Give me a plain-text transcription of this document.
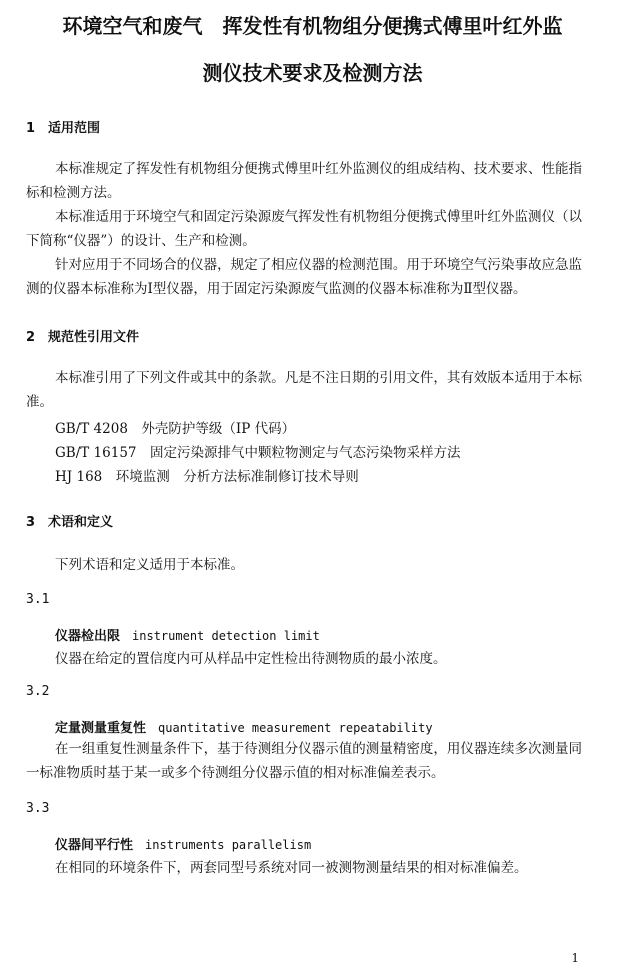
环境空气和废气　挥发性有机物组分便携式傅里叶红外监
测仪技术要求及检测方法
1　适用范围

本标准规定了挥发性有机物组分便携式傅里叶红外监测仪的组成结构、技术要求、性能指标和检测方法。

本标准适用于环境空气和固定污染源废气挥发性有机物组分便携式傅里叶红外监测仪（以下简称“仪器”）的设计、生产和检测。

针对应用于不同场合的仪器，规定了相应仪器的检测范围。用于环境空气污染事故应急监测的仪器本标准称为Ⅰ型仪器，用于固定污染源废气监测的仪器本标准称为Ⅱ型仪器。

2　规范性引用文件

本标准引用了下列文件或其中的条款。凡是不注日期的引用文件，其有效版本适用于本标准。

GB/T 4208　外壳防护等级（IP 代码）
GB/T 16157　固定污染源排气中颗粒物测定与气态污染物采样方法
HJ 168　环境监测　分析方法标准制修订技术导则
3　术语和定义
下列术语和定义适用于本标准。
3.1
仪器检出限 instrument detection limit
仪器在给定的置信度内可从样品中定性检出待测物质的最小浓度。
3.2
定量测量重复性 quantitative measurement repeatability

在一组重复性测量条件下，基于待测组分仪器示值的测量精密度，用仪器连续多次测量同一标准物质时基于某一或多个待测组分仪器示值的相对标准偏差表示。

3.3
仪器间平行性 instruments parallelism
在相同的环境条件下，两套同型号系统对同一被测物测量结果的相对标准偏差。
1
